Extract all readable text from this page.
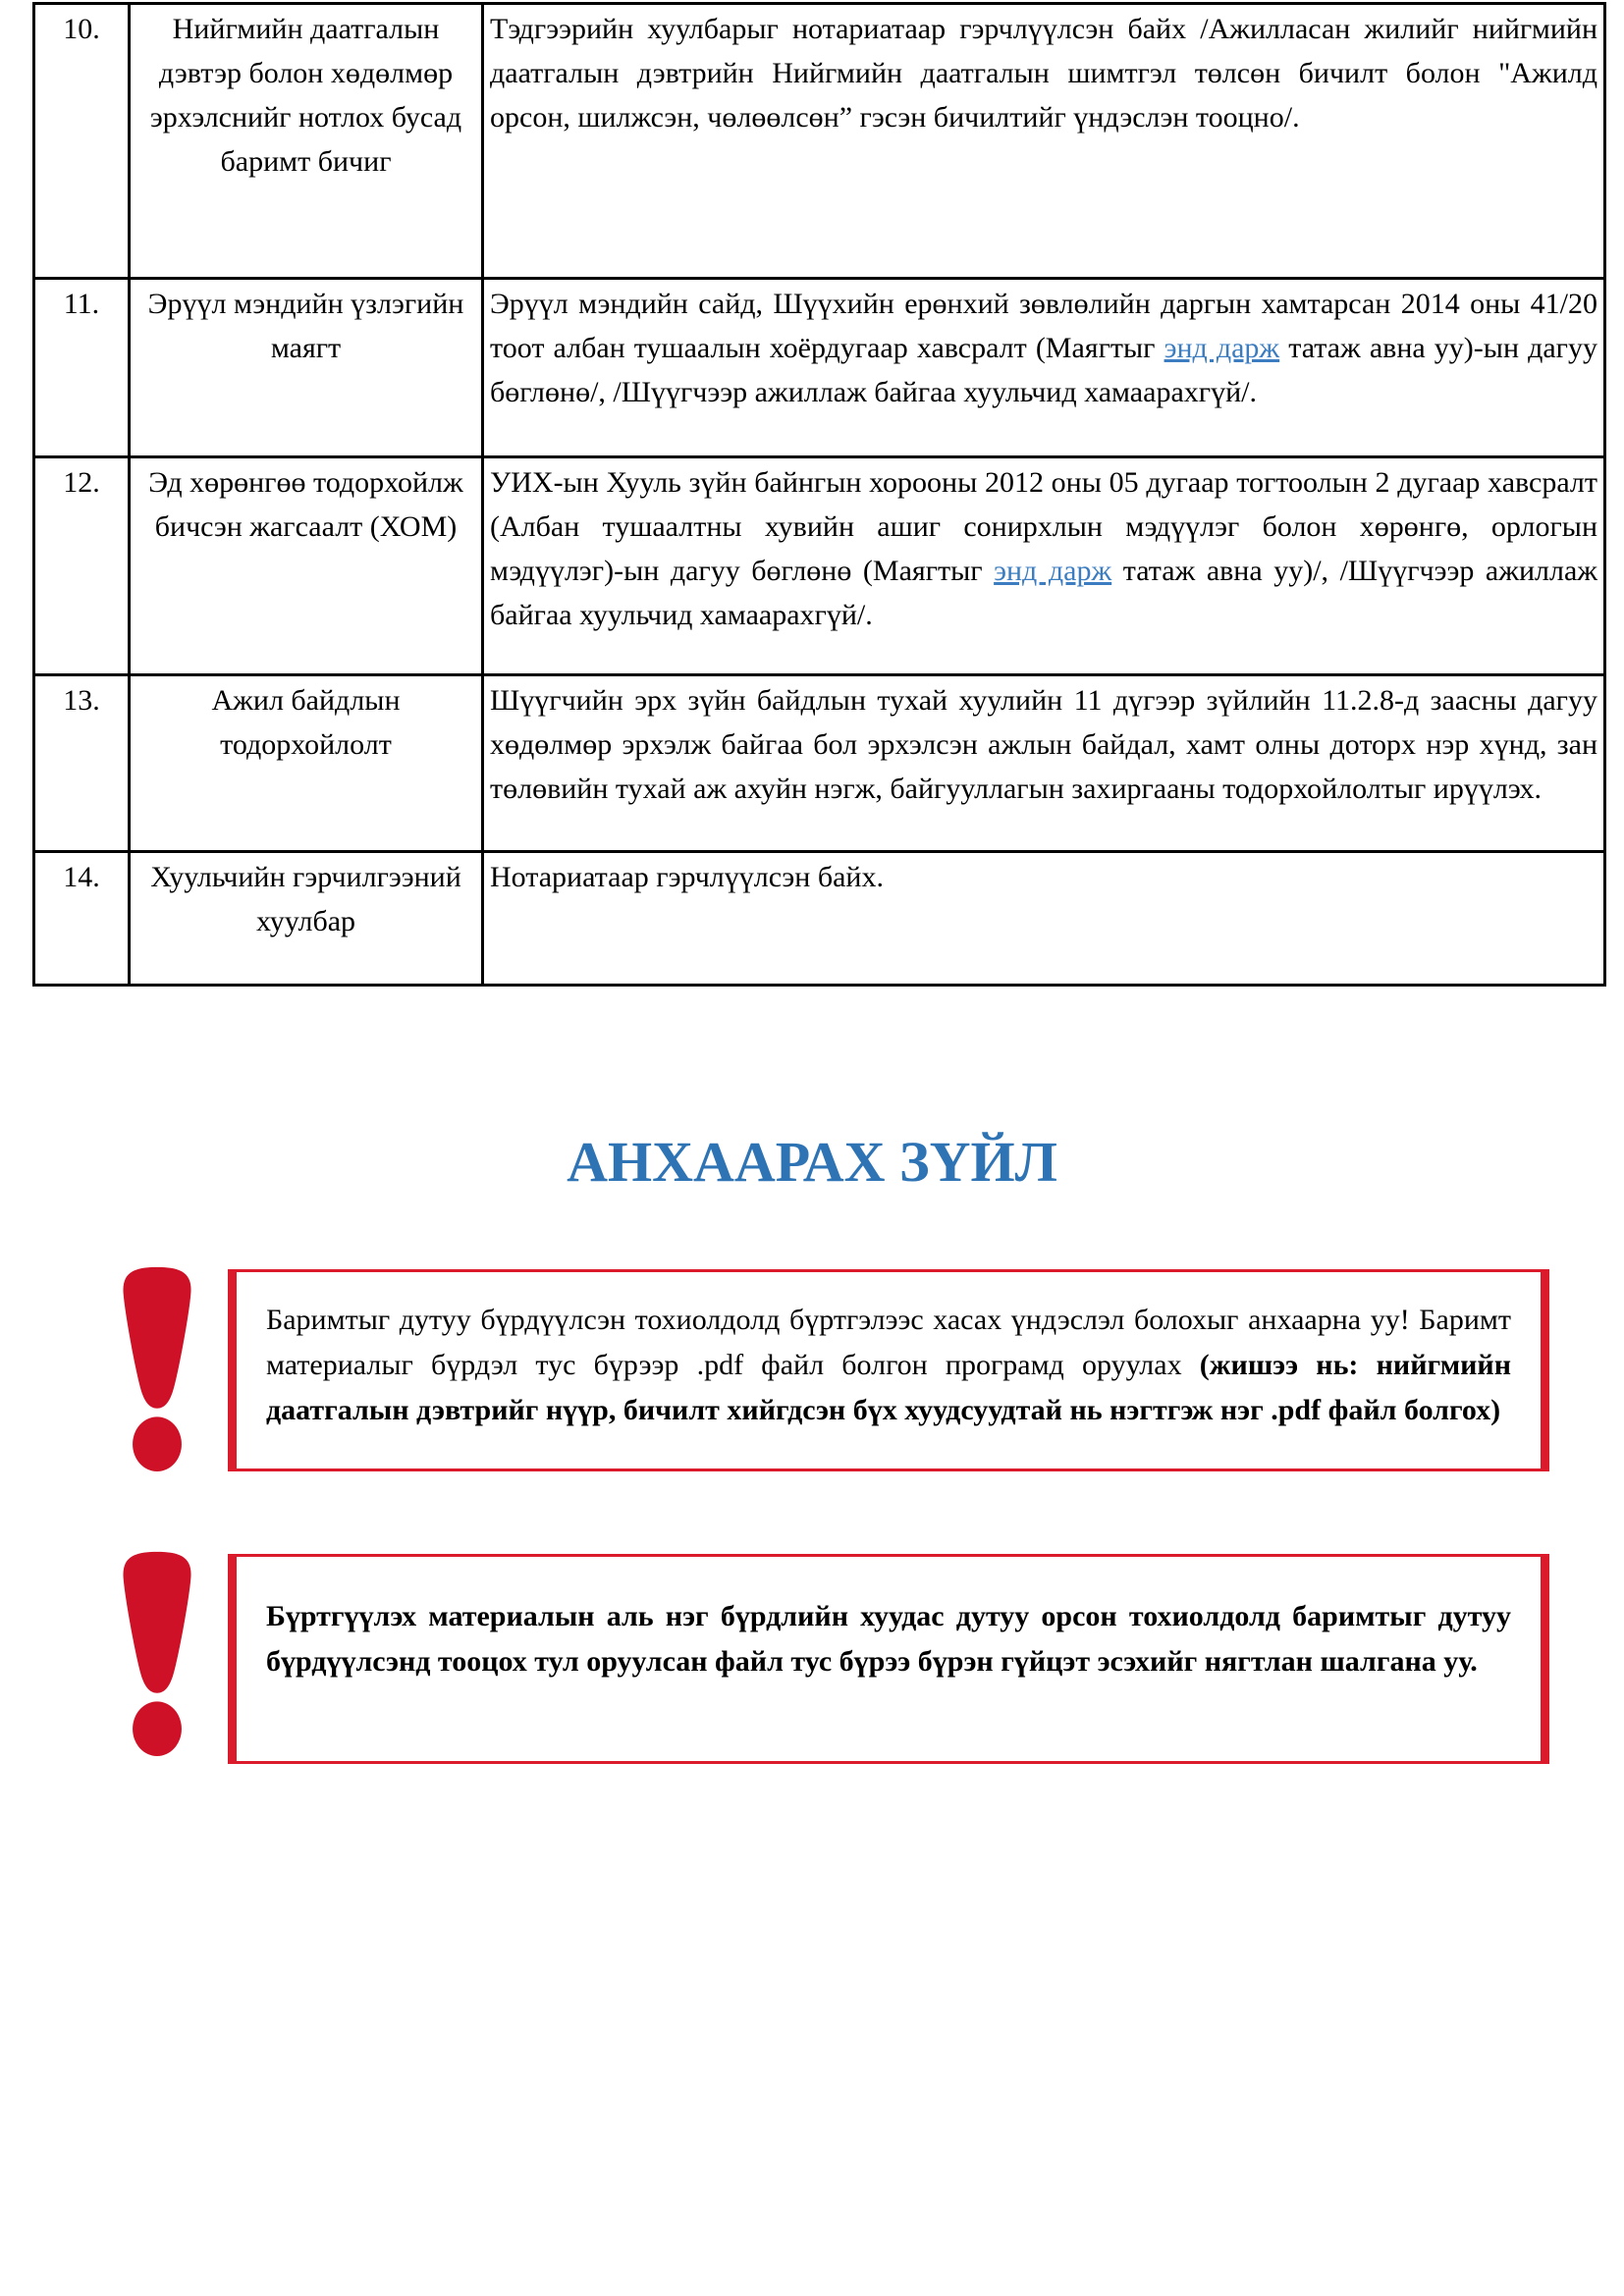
10.	Нийгмийн даатгалын дэвтэр болон хөдөлмөр эрхэлснийг нотлох бусад баримт бичиг	Тэдгээрийн хуулбарыг нотариатаар гэрчлүүлсэн байх /Ажилласан жилийг нийгмийн даатгалын дэвтрийн Нийгмийн даатгалын шимтгэл төлсөн бичилт болон "Ажилд орсон, шилжсэн, чөлөөлсөн” гэсэн бичилтийг үндэслэн тооцно/.
11.	Эрүүл мэндийн үзлэгийн маягт	Эрүүл мэндийн сайд, Шүүхийн ерөнхий зөвлөлийн даргын хамтарсан 2014 оны 41/20 тоот албан тушаалын хоёрдугаар хавсралт (Маягтыг энд дарж татаж авна уу)-ын дагуу бөглөнө/, /Шүүгчээр ажиллаж байгаа хуульчид хамаарахгүй/.
12.	Эд хөрөнгөө тодорхойлж бичсэн жагсаалт (ХОМ)	УИХ-ын Хууль зүйн байнгын хорооны 2012 оны 05 дугаар тогтоолын 2 дугаар хавсралт (Албан тушаалтны хувийн ашиг сонирхлын мэдүүлэг болон хөрөнгө, орлогын мэдүүлэг)-ын дагуу бөглөнө (Маягтыг энд дарж татаж авна уу)/, /Шүүгчээр ажиллаж байгаа хуульчид хамаарахгүй/.
13.	Ажил байдлын тодорхойлолт	Шүүгчийн эрх зүйн байдлын тухай хуулийн 11 дүгээр зүйлийн 11.2.8-д заасны дагуу хөдөлмөр эрхэлж байгаа бол эрхэлсэн ажлын байдал, хамт олны доторх нэр хүнд, зан төлөвийн тухай аж ахуйн нэгж, байгууллагын захиргааны тодорхойлолтыг ирүүлэх.
14.	Хуульчийн гэрчилгээний хуулбар	Нотариатаар гэрчлүүлсэн байх.
АНХААРАХ ЗҮЙЛ
Баримтыг дутуу бүрдүүлсэн тохиолдолд бүртгэлээс хасах үндэслэл болохыг анхаарна уу! Баримт материалыг бүрдэл тус бүрээр .pdf файл болгон програмд оруулах (жишээ нь: нийгмийн даатгалын дэвтрийг нүүр, бичилт хийгдсэн бүх хуудсуудтай нь нэгтгэж нэг .pdf файл болгох)
Бүртгүүлэх материалын аль нэг бүрдлийн хуудас дутуу орсон тохиолдолд баримтыг дутуу бүрдүүлсэнд тооцох тул оруулсан файл тус бүрээ бүрэн гүйцэт эсэхийг нягтлан шалгана уу.
